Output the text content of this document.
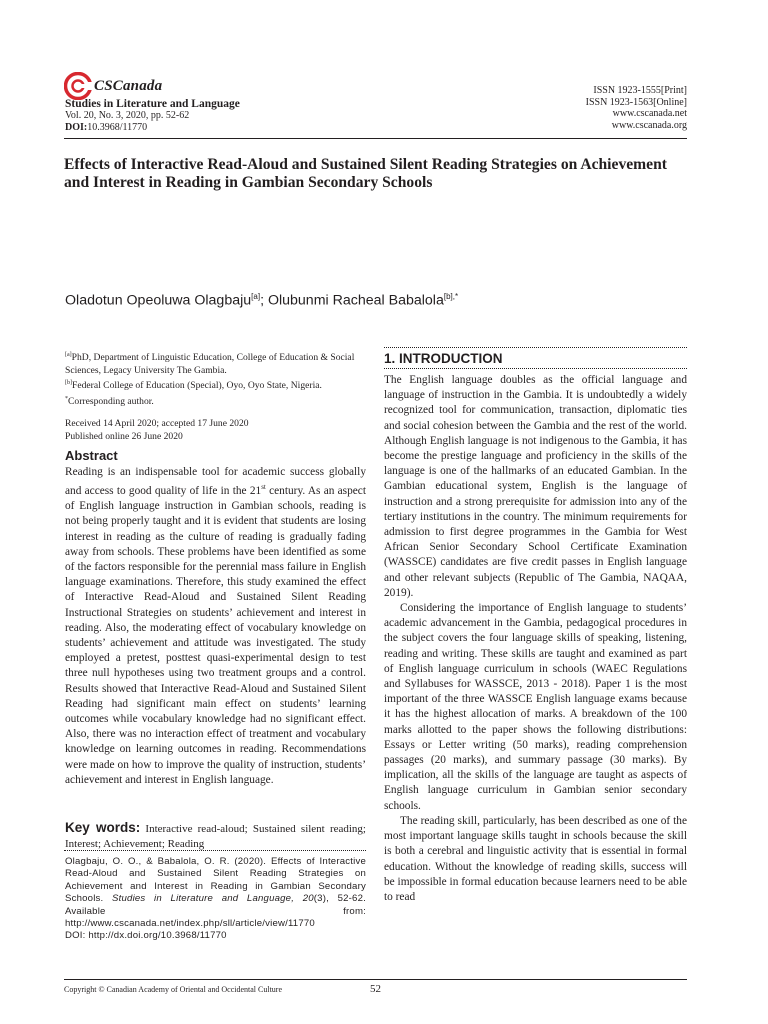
CSCanada
Studies in Literature and Language
Vol. 20, No. 3, 2020, pp. 52-62
DOI:10.3968/11770
ISSN 1923-1555[Print]
ISSN 1923-1563[Online]
www.cscanada.net
www.cscanada.org
Effects of Interactive Read-Aloud and Sustained Silent Reading Strategies on Achievement and Interest in Reading in Gambian Secondary Schools
Oladotun Opeoluwa Olagbaju[a]; Olubunmi Racheal Babalola$^{[b],*}$
[a]PhD, Department of Linguistic Education, College of Education & Social Sciences, Legacy University The Gambia.
[b]Federal College of Education (Special), Oyo, Oyo State, Nigeria.
*Corresponding author.
Received 14 April 2020; accepted 17 June 2020
Published online 26 June 2020
Abstract
Reading is an indispensable tool for academic success globally and access to good quality of life in the 21st century. As an aspect of English language instruction in Gambian schools, reading is not being properly taught and it is evident that students are losing interest in reading as the culture of reading is gradually fading away from schools. These problems have been identified as some of the factors responsible for the perennial mass failure in English language examinations. Therefore, this study examined the effect of Interactive Read-Aloud and Sustained Silent Reading Instructional Strategies on students’ achievement and interest in reading. Also, the moderating effect of vocabulary knowledge on students’ achievement and attitude was investigated. The study employed a pretest, posttest quasi-experimental design to test three null hypotheses using two treatment groups and a control. Results showed that Interactive Read-Aloud and Sustained Silent Reading had significant main effect on students’ learning outcomes while vocabulary knowledge had no significant effect. Also, there was no interaction effect of treatment and vocabulary knowledge on learning outcomes in reading. Recommendations were made on how to improve the quality of instruction, students’ achievement and interest in English language.
Key words: Interactive read-aloud; Sustained silent reading; Interest; Achievement; Reading
Olagbaju, O. O., & Babalola, O. R. (2020). Effects of Interactive Read-Aloud and Sustained Silent Reading Strategies on Achievement and Interest in Reading in Gambian Secondary Schools. Studies in Literature and Language, 20(3), 52-62. Available from: http://www.cscanada.net/index.php/sll/article/view/11770
DOI: http://dx.doi.org/10.3968/11770
1. INTRODUCTION

The English language doubles as the official language and language of instruction in the Gambia. It is undoubtedly a widely recognized tool for communication, transaction, diplomatic ties and social cohesion between the Gambia and the rest of the world. Although English language is not indigenous to the Gambia, it has become the prestige language and proficiency in the skills of the language is one of the hallmarks of an educated Gambian. In the Gambian educational system, English is the language of instruction and a strong prerequisite for admission into any of the tertiary institutions in the country. The minimum requirements for admission to first degree programmes in the Gambia for West African Senior Secondary School Certificate Examination (WASSCE) candidates are five credit passes in English language and other relevant subjects (Republic of The Gambia, NAQAA, 2019).

Considering the importance of English language to students’ academic advancement in the Gambia, pedagogical procedures in the subject covers the four language skills of speaking, listening, reading and writing. These skills are taught and examined as part of English language curriculum in schools (WAEC Regulations and Syllabuses for WASSCE, 2013 - 2018). Paper 1 is the most important of the three WASSCE English language exams because it has the highest allocation of marks. A breakdown of the 100 marks allotted to the paper shows the following distributions: Essays or Letter writing (50 marks), reading comprehension passages (20 marks), and summary passage (30 marks). By implication, all the skills of the language are taught as aspects of English language curriculum in Gambian senior secondary schools.

The reading skill, particularly, has been described as one of the most important language skills taught in schools because the skill is both a cerebral and linguistic activity that is essential in formal education. Without the knowledge of reading skills, success will be impossible in formal education because learners need to be able to read

Copyright © Canadian Academy of Oriental and Occidental Culture	52
